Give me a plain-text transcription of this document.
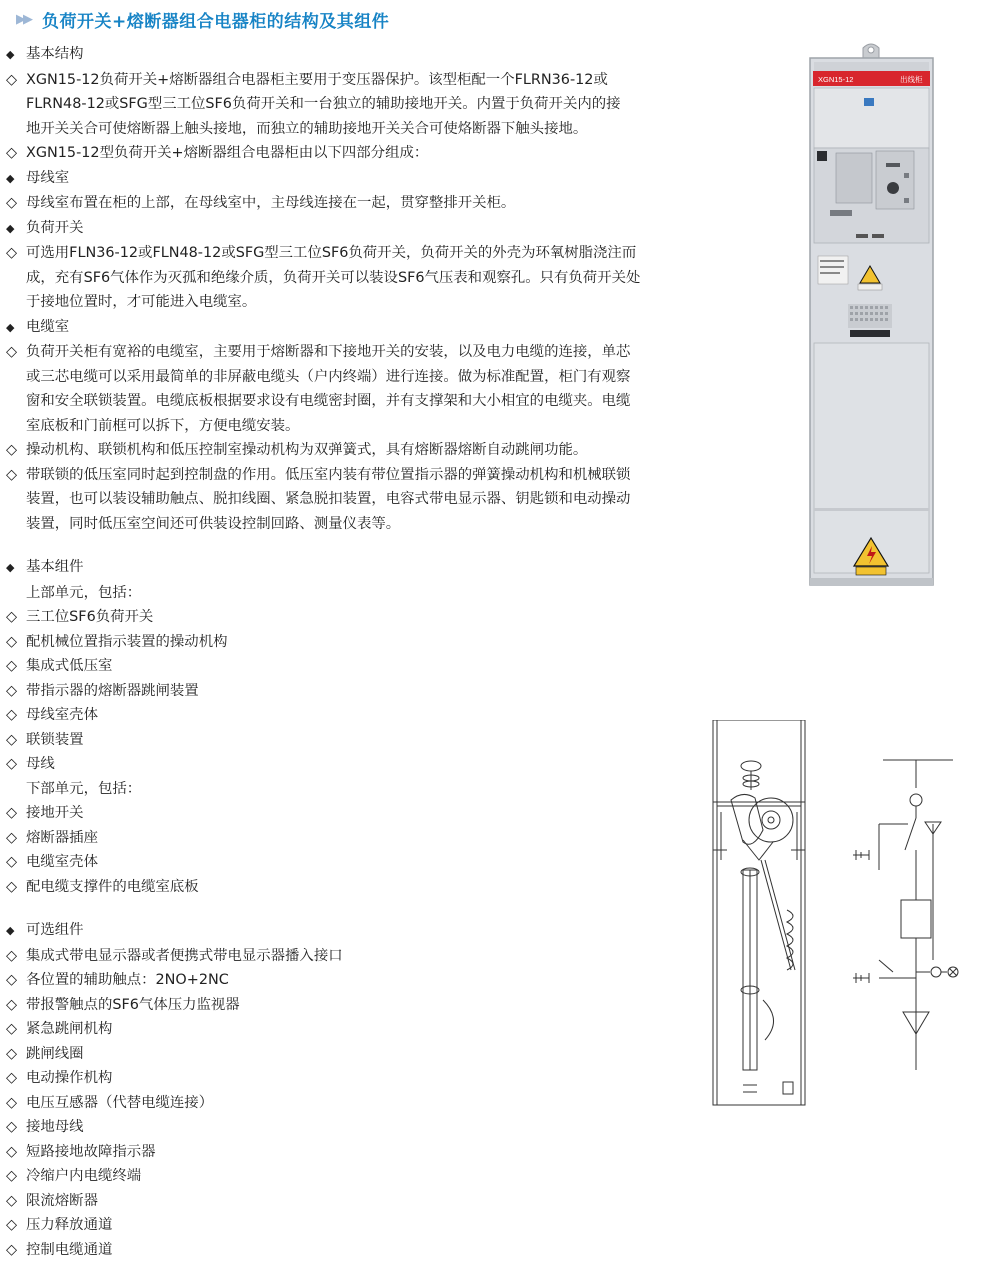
▶▶ 负荷开关+熔断器组合电器柜的结构及其组件
◆ 基本结构
◇ XGN15-12负荷开关+熔断器组合电器柜主要用于变压器保护。该型柜配一个FLRN36-12或
FLRN48-12或SFG型三工位SF6负荷开关和一台独立的辅助接地开关。内置于负荷开关内的接
地开关关合可使熔断器上触头接地，而独立的辅助接地开关关合可使烙断器下触头接地。
◇ XGN15-12型负荷开关+熔断器组合电器柜由以下四部分组成：
◆ 母线室
◇ 母线室布置在柜的上部，在母线室中，主母线连接在一起，贯穿整排开关柜。
◆ 负荷开关
◇ 可选用FLN36-12或FLN48-12或SFG型三工位SF6负荷开关，负荷开关的外壳为环氧树脂浇注而
成，充有SF6气体作为灭孤和绝缘介质，负荷开关可以装设SF6气压表和观察孔。只有负荷开关处
于接地位置时，才可能进入电缆室。
◆ 电缆室
◇ 负荷开关柜有宽裕的电缆室，主要用于熔断器和下接地开关的安装，以及电力电缆的连接，单芯
或三芯电缆可以采用最简单的非屏蔽电缆头（户内终端）进行连接。做为标准配置，柜门有观察
窗和安全联锁装置。电缆底板根据要求设有电缆密封圈，并有支撑架和大小相宜的电缆夹。电缆
室底板和门前框可以拆下，方便电缆安装。
◇ 操动机构、联锁机构和低压控制室操动机构为双弹簧式，具有熔断器熔断自动跳闸功能。
◇ 带联锁的低压室同时起到控制盘的作用。低压室内装有带位置指示器的弹簧操动机构和机械联锁
装置，也可以装设辅助触点、脱扣线圈、紧急脱扣装置，电容式带电显示器、钥匙锁和电动操动
装置，同时低压室空间还可供装设控制回路、测量仪表等。
◆ 基本组件
上部单元，包括：
◇ 三工位SF6负荷开关
◇ 配机械位置指示装置的操动机构
◇ 集成式低压室
◇ 带指示器的熔断器跳闸装置
◇ 母线室壳体
◇ 联锁装置
◇ 母线
下部单元，包括：
◇ 接地开关
◇ 熔断器插座
◇ 电缆室壳体
◇ 配电缆支撑件的电缆室底板
◆ 可选组件
◇ 集成式带电显示器或者便携式带电显示器播入接口
◇ 各位置的辅助触点：2NO+2NC
◇ 带报警触点的SF6气体压力监视器
◇ 紧急跳闸机构
◇ 跳闸线圈
◇ 电动操作机构
◇ 电压互感器（代替电缆连接）
◇ 接地母线
◇ 短路接地故障指示器
◇ 冷缩户内电缆终端
◇ 限流熔断器
◇ 压力释放通道
◇ 控制电缆通道
XGN15-12	出线柜
